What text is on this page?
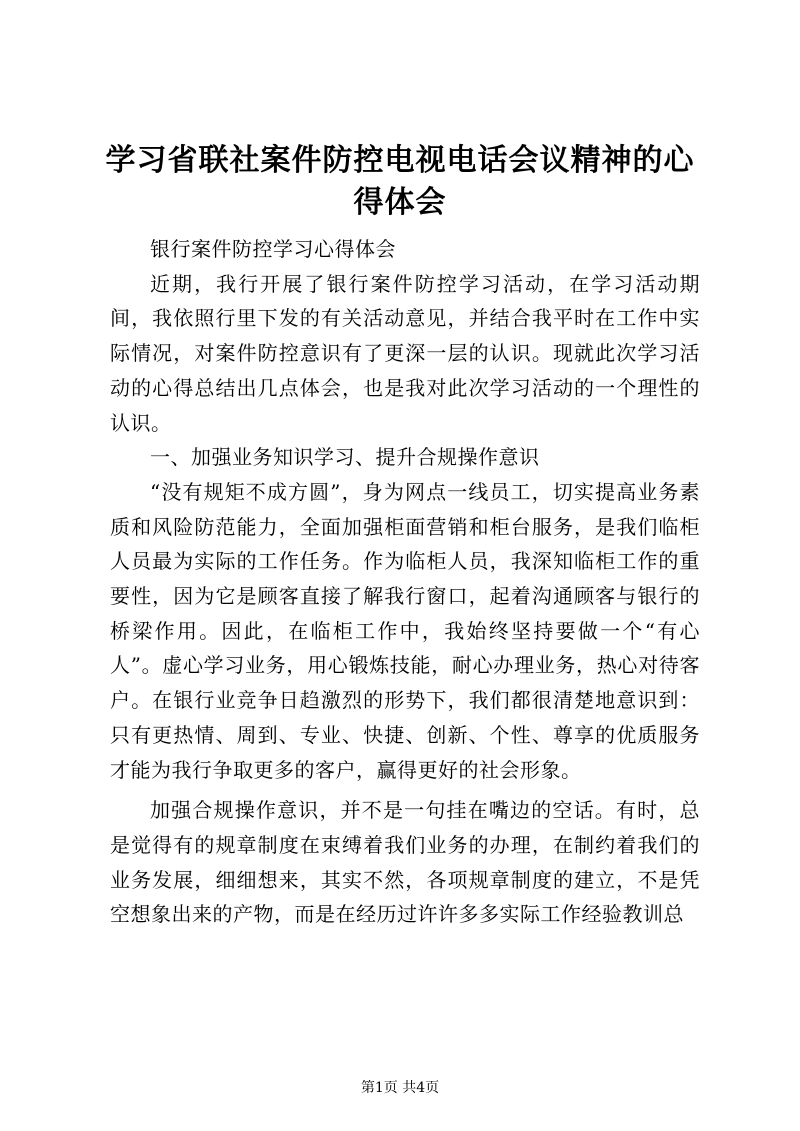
学习省联社案件防控电视电话会议精神的心得体会

银行案件防控学习心得体会

近期，我行开展了银行案件防控学习活动，在学习活动期间，我依照行里下发的有关活动意见，并结合我平时在工作中实际情况，对案件防控意识有了更深一层的认识。现就此次学习活动的心得总结出几点体会，也是我对此次学习活动的一个理性的认识。

一、加强业务知识学习、提升合规操作意识

“没有规矩不成方圆”，身为网点一线员工，切实提高业务素质和风险防范能力，全面加强柜面营销和柜台服务，是我们临柜人员最为实际的工作任务。作为临柜人员，我深知临柜工作的重要性，因为它是顾客直接了解我行窗口，起着沟通顾客与银行的桥梁作用。因此，在临柜工作中，我始终坚持要做一个“有心人”。虚心学习业务，用心锻炼技能，耐心办理业务，热心对待客户。在银行业竞争日趋激烈的形势下，我们都很清楚地意识到：只有更热情、周到、专业、快捷、创新、个性、尊享的优质服务才能为我行争取更多的客户，赢得更好的社会形象。

加强合规操作意识，并不是一句挂在嘴边的空话。有时，总是觉得有的规章制度在束缚着我们业务的办理，在制约着我们的业务发展，细细想来，其实不然，各项规章制度的建立，不是凭空想象出来的产物，而是在经历过许许多多实际工作经验教训总

第1页 共4页
